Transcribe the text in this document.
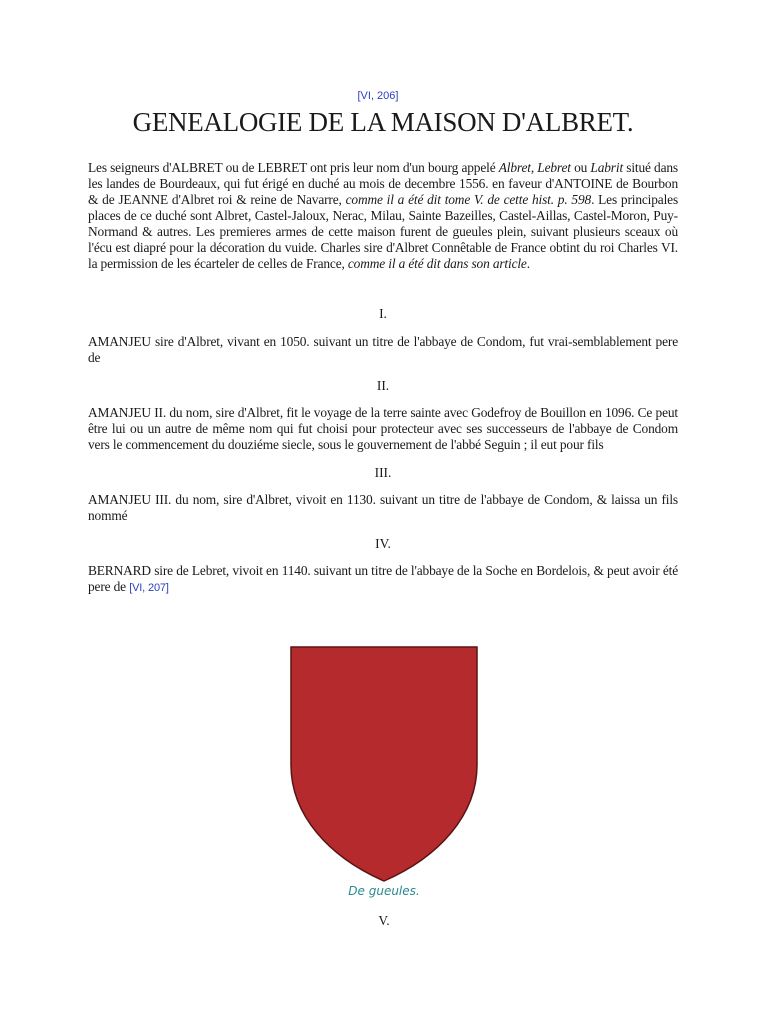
[VI, 206]
GENEALOGIE DE LA MAISON D'ALBRET.

Les seigneurs d'ALBRET ou de LEBRET ont pris leur nom d'un bourg appelé Albret, Lebret ou Labrit situé dans les landes de Bourdeaux, qui fut érigé en duché au mois de decembre 1556. en faveur d'ANTOINE de Bourbon & de JEANNE d'Albret roi & reine de Navarre, comme il a été dit tome V. de cette hist. p. 598. Les principales places de ce duché sont Albret, Castel-Jaloux, Nerac, Milau, Sainte Bazeilles, Castel-Aillas, Castel-Moron, Puy-Normand & autres. Les premieres armes de cette maison furent de gueules plein, suivant plusieurs sceaux où l'écu est diapré pour la décoration du vuide. Charles sire d'Albret Connêtable de France obtint du roi Charles VI. la permission de les écarteler de celles de France, comme il a été dit dans son article.

I.

AMANJEU sire d'Albret, vivant en 1050. suivant un titre de l'abbaye de Condom, fut vrai-semblablement pere de

II.

AMANJEU II. du nom, sire d'Albret, fit le voyage de la terre sainte avec Godefroy de Bouillon en 1096. Ce peut être lui ou un autre de même nom qui fut choisi pour protecteur avec ses successeurs de l'abbaye de Condom vers le commencement du douziéme siecle, sous le gouvernement de l'abbé Seguin ; il eut pour fils

III.

AMANJEU III. du nom, sire d'Albret, vivoit en 1130. suivant un titre de l'abbaye de Condom, & laissa un fils nommé

IV.

BERNARD sire de Lebret, vivoit en 1140. suivant un titre de l'abbaye de la Soche en Bordelois, & peut avoir été pere de [VI, 207]

De gueules.
V.
